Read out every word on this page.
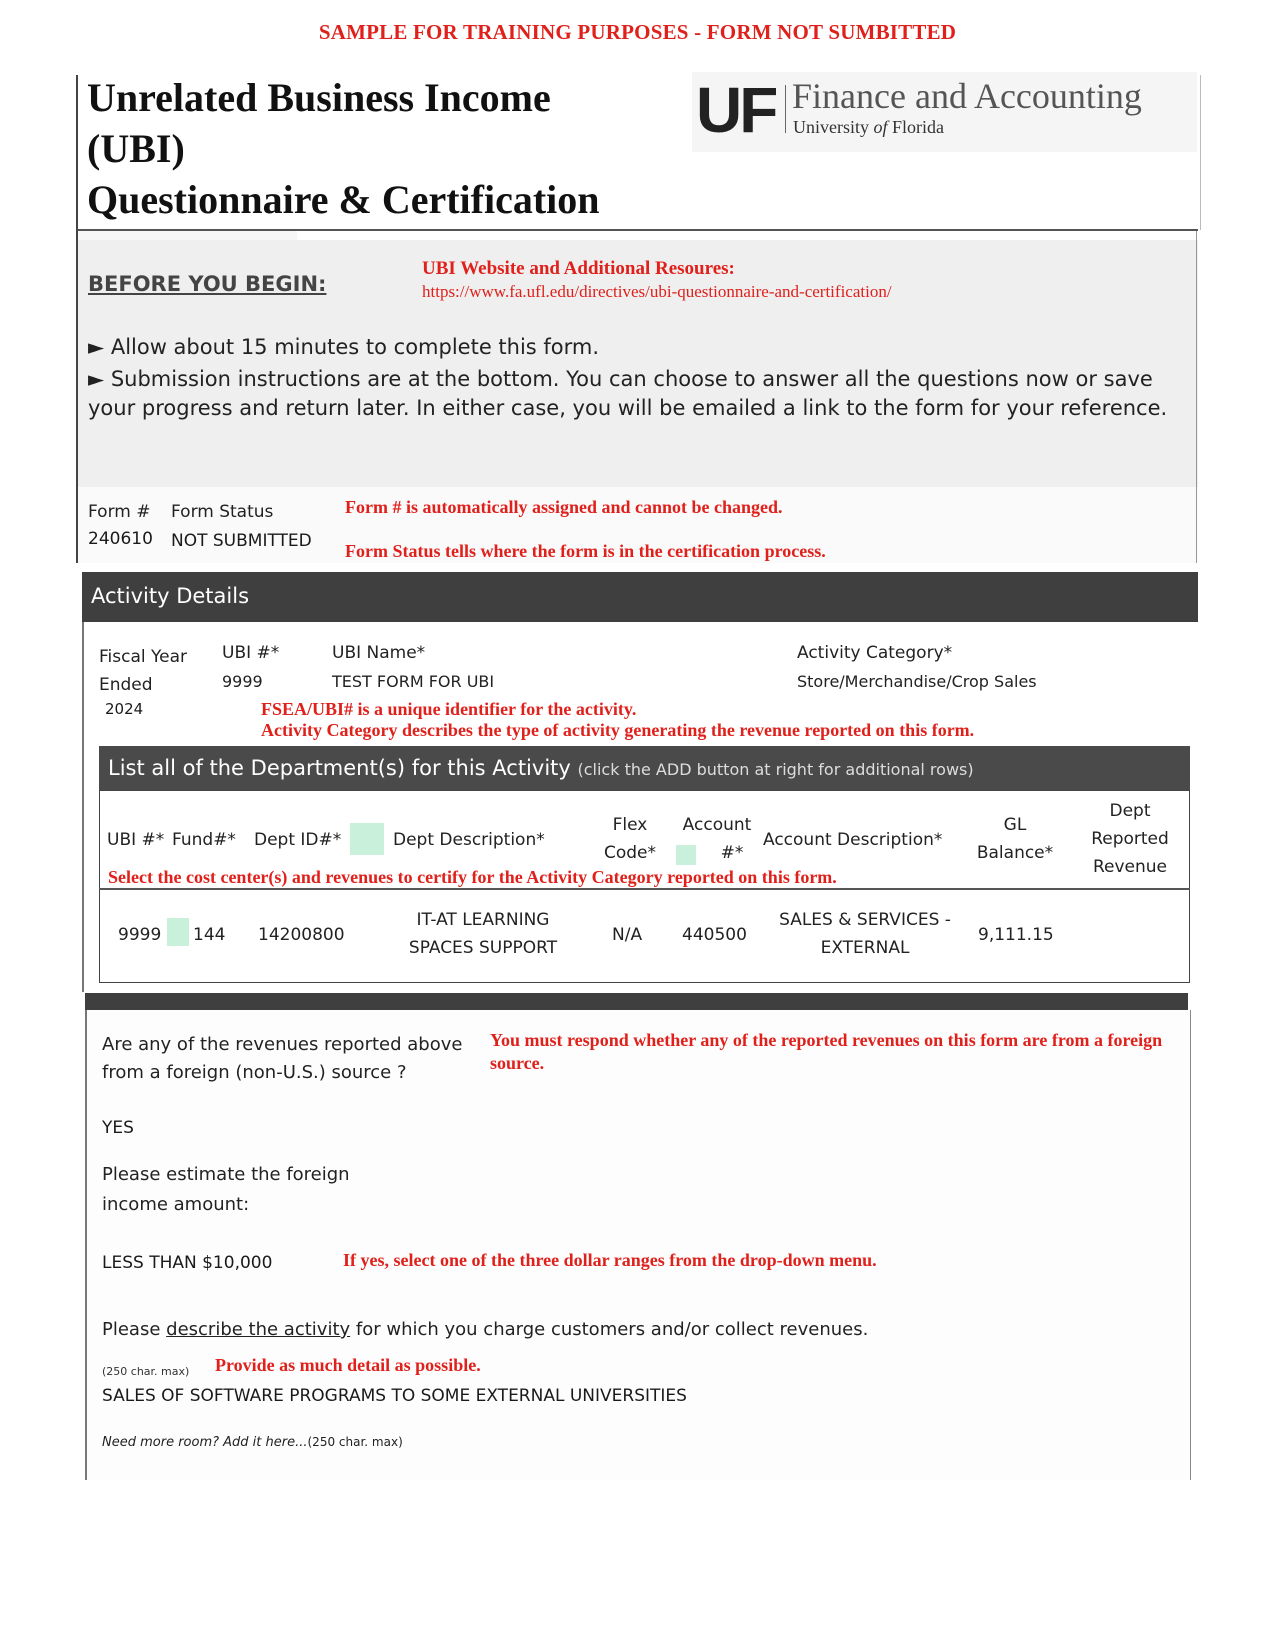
SAMPLE FOR TRAINING PURPOSES - FORM NOT SUMBITTED
Unrelated Business Income
(UBI)
Questionnaire & Certification
UF Finance and Accounting
University of Florida
BEFORE YOU BEGIN:
UBI Website and Additional Resoures:
https://www.fa.ufl.edu/directives/ubi-questionnaire-and-certification/
► Allow about 15 minutes to complete this form.
► Submission instructions are at the bottom. You can choose to answer all the questions now or save your progress and return later. In either case, you will be emailed a link to the form for your reference.
Form # Form Status
240610 NOT SUBMITTED
Form # is automatically assigned and cannot be changed.
Form Status tells where the form is in the certification process.
Activity Details
Fiscal Year
Ended
2024
UBI #*
9999
UBI Name*
TEST FORM FOR UBI
Activity Category*
Store/Merchandise/Crop Sales
FSEA/UBI# is a unique identifier for the activity.
Activity Category describes the type of activity generating the revenue reported on this form.
List all of the Department(s) for this Activity (click the ADD button at right for additional rows)
UBI #* Fund#* Dept ID#*	Dept Description*
Flex
Code*
Account
#*
Account Description*
GL
Balance*
Dept
Reported
Revenue
Select the cost center(s) and revenues to certify for the Activity Category reported on this form.
9999 144 14200800
IT-AT LEARNING
SPACES SUPPORT
N/A 440500
SALES & SERVICES -
EXTERNAL
9,111.15
Are any of the revenues reported above
from a foreign (non-U.S.) source ?
You must respond whether any of the reported revenues on this form are from a foreign source.
YES
Please estimate the foreign
income amount:
LESS THAN $10,000	If yes, select one of the three dollar ranges from the drop-down menu.
Please describe the activity for which you charge customers and/or collect revenues.
(250 char. max) Provide as much detail as possible.
SALES OF SOFTWARE PROGRAMS TO SOME EXTERNAL UNIVERSITIES
Need more room? Add it here...(250 char. max)
